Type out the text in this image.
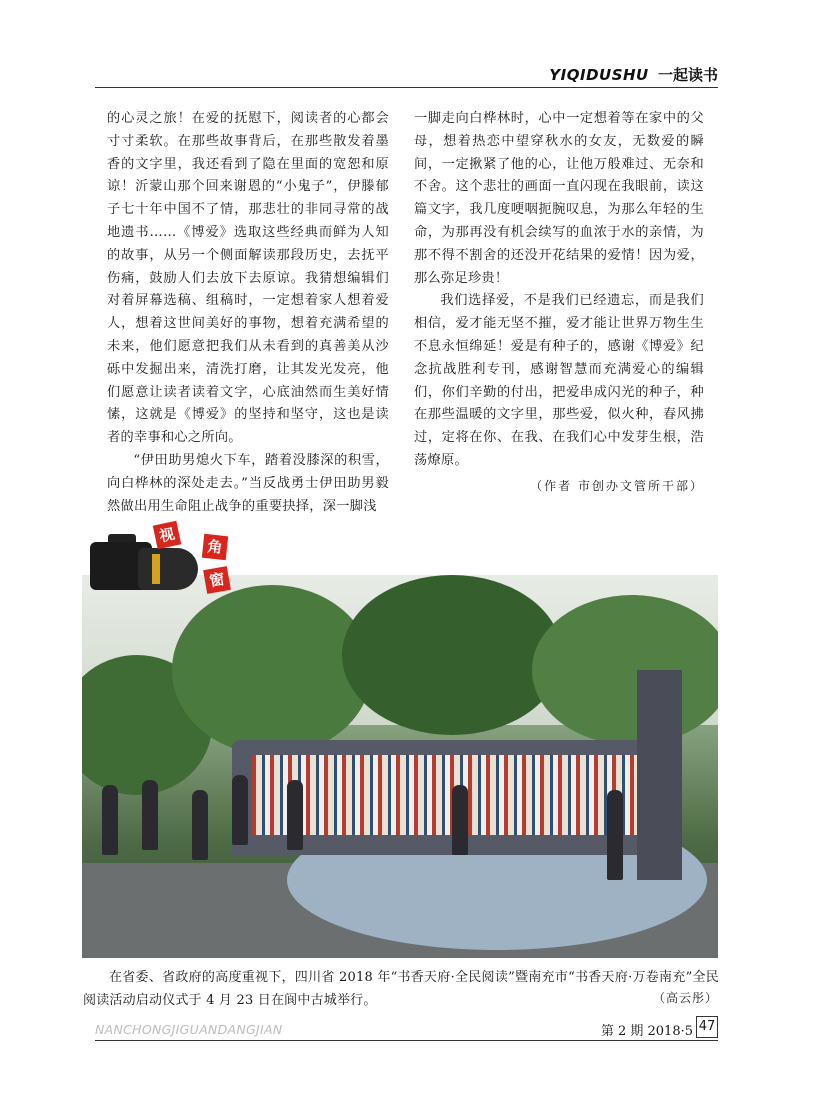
YIQIDUSHU 一起读书

的心灵之旅！在爱的抚慰下，阅读者的心都会寸寸柔软。在那些故事背后，在那些散发着墨香的文字里，我还看到了隐在里面的宽恕和原谅！沂蒙山那个回来谢恩的“小鬼子”，伊滕郁子七十年中国不了情，那悲壮的非同寻常的战地遗书……《博爱》选取这些经典而鲜为人知的故事，从另一个侧面解读那段历史，去抚平伤痛，鼓励人们去放下去原谅。我猜想编辑们对着屏幕选稿、组稿时，一定想着家人想着爱人，想着这世间美好的事物，想着充满希望的未来，他们愿意把我们从未看到的真善美从沙砾中发掘出来，清洗打磨，让其发光发亮，他们愿意让读者读着文字，心底油然而生美好情愫，这就是《博爱》的坚持和坚守，这也是读者的幸事和心之所向。

“伊田助男熄火下车，踏着没膝深的积雪，向白桦林的深处走去。”当反战勇士伊田助男毅然做出用生命阻止战争的重要抉择，深一脚浅

一脚走向白桦林时，心中一定想着等在家中的父母，想着热恋中望穿秋水的女友，无数爱的瞬间，一定揪紧了他的心，让他万般难过、无奈和不舍。这个悲壮的画面一直闪现在我眼前，读这篇文字，我几度哽咽扼腕叹息，为那么年轻的生命，为那再没有机会续写的血浓于水的亲情，为那不得不割舍的还没开花结果的爱情！因为爱，那么弥足珍贵！

我们选择爱，不是我们已经遗忘，而是我们相信，爱才能无坚不摧，爱才能让世界万物生生不息永恒绵延！爱是有种子的，感谢《博爱》纪念抗战胜利专刊，感谢智慧而充满爱心的编辑们，你们辛勤的付出，把爱串成闪光的种子，种在那些温暖的文字里，那些爱，似火种，春风拂过，定将在你、在我、在我们心中发芽生根，浩荡燎原。

（作者 市创办文管所干部）
视
角
窗
在省委、省政府的高度重视下，四川省 2018 年“书香天府·全民阅读”暨南充市“书香天府·万卷南充”全民阅读活动启动仪式于 4 月 23 日在阆中古城举行。	（高云彤）
NANCHONGJIGUANDANGJIAN	第 2 期 2018·5 47
